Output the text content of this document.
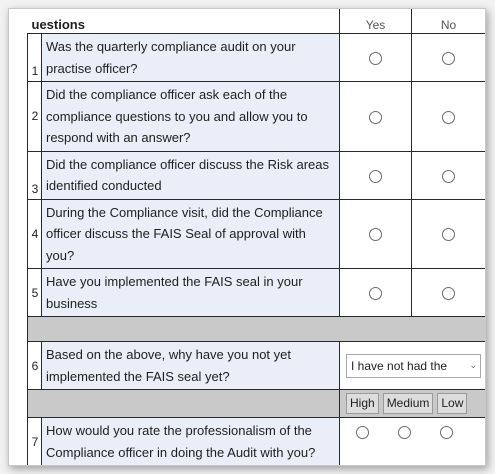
uestions		Yes	No
1	Was the quarterly compliance audit on your practise officer?		
2	Did the compliance officer ask each of the compliance questions to you and allow you to respond with an answer?		
3	Did the compliance officer discuss the Risk areas identified conducted		
4	During the Compliance visit, did the Compliance officer discuss the FAIS Seal of approval with you?		
5	Have you implemented the FAIS seal in your business		

6	Based on the above, why have you not yet implemented the FAIS seal yet?	I have not had the ⌄	

		High Medium Low	

7	How would you rate the professionalism of the Compliance officer in doing the Audit with you?		
